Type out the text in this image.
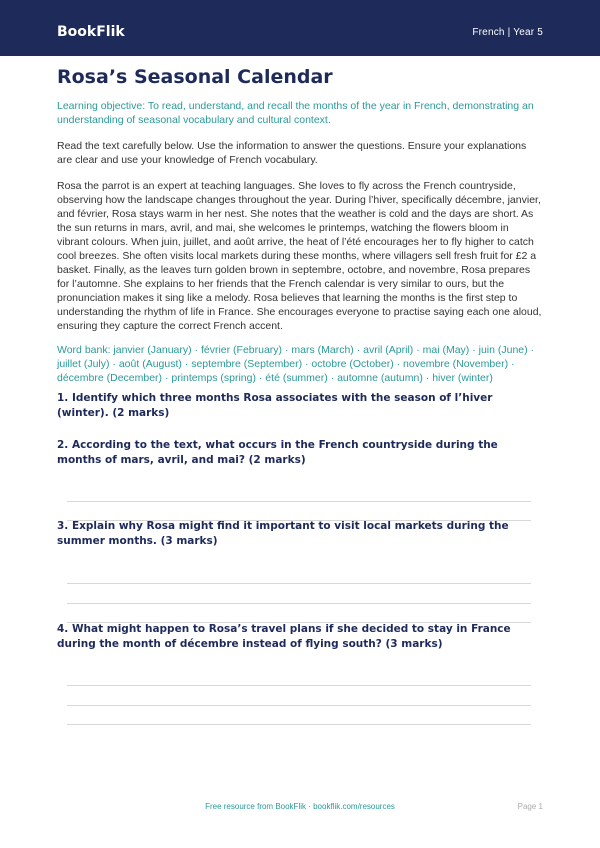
BookFlik	French | Year 5
Rosa’s Seasonal Calendar

Learning objective: To read, understand, and recall the months of the year in French, demonstrating an understanding of seasonal vocabulary and cultural context.

Read the text carefully below. Use the information to answer the questions. Ensure your explanations are clear and use your knowledge of French vocabulary.

Rosa the parrot is an expert at teaching languages. She loves to fly across the French countryside, observing how the landscape changes throughout the year. During l’hiver, specifically décembre, janvier, and février, Rosa stays warm in her nest. She notes that the weather is cold and the days are short. As the sun returns in mars, avril, and mai, she welcomes le printemps, watching the flowers bloom in vibrant colours. When juin, juillet, and août arrive, the heat of l’été encourages her to fly higher to catch cool breezes. She often visits local markets during these months, where villagers sell fresh fruit for £2 a basket. Finally, as the leaves turn golden brown in septembre, octobre, and novembre, Rosa prepares for l’automne. She explains to her friends that the French calendar is very similar to ours, but the pronunciation makes it sing like a melody. Rosa believes that learning the months is the first step to understanding the rhythm of life in France. She encourages everyone to practise saying each one aloud, ensuring they capture the correct French accent.

Word bank: janvier (January) · février (February) · mars (March) · avril (April) · mai (May) · juin (June) · juillet (July) · août (August) · septembre (September) · octobre (October) · novembre (November) · décembre (December) · printemps (spring) · été (summer) · automne (autumn) · hiver (winter)

1. Identify which three months Rosa associates with the season of l’hiver (winter). (2 marks)

2. According to the text, what occurs in the French countryside during the months of mars, avril, and mai? (2 marks)

3. Explain why Rosa might find it important to visit local markets during the summer months. (3 marks)

4. What might happen to Rosa’s travel plans if she decided to stay in France during the month of décembre instead of flying south? (3 marks)

Free resource from BookFlik · bookflik.com/resources	Page 1
